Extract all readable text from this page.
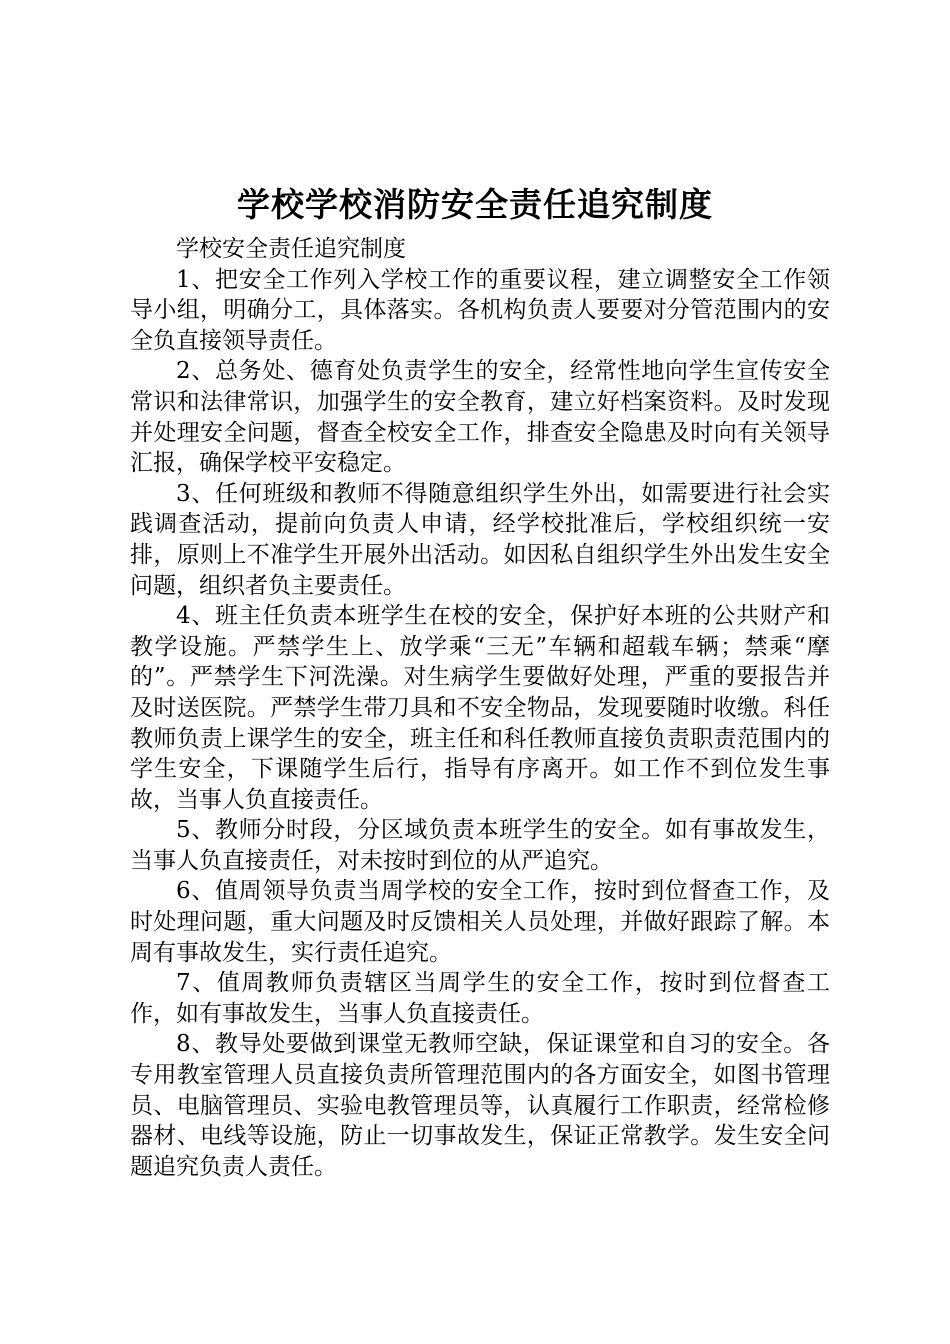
学校学校消防安全责任追究制度

学校安全责任追究制度

1、把安全工作列入学校工作的重要议程，建立调整安全工作领导小组，明确分工，具体落实。各机构负责人要要对分管范围内的安全负直接领导责任。

2、总务处、德育处负责学生的安全，经常性地向学生宣传安全常识和法律常识，加强学生的安全教育，建立好档案资料。及时发现并处理安全问题，督查全校安全工作，排查安全隐患及时向有关领导汇报，确保学校平安稳定。

3、任何班级和教师不得随意组织学生外出，如需要进行社会实践调查活动，提前向负责人申请，经学校批准后，学校组织统一安排，原则上不准学生开展外出活动。如因私自组织学生外出发生安全问题，组织者负主要责任。

4、班主任负责本班学生在校的安全，保护好本班的公共财产和教学设施。严禁学生上、放学乘“三无”车辆和超载车辆；禁乘“摩的”。严禁学生下河洗澡。对生病学生要做好处理，严重的要报告并及时送医院。严禁学生带刀具和不安全物品，发现要随时收缴。科任教师负责上课学生的安全，班主任和科任教师直接负责职责范围内的学生安全，下课随学生后行，指导有序离开。如工作不到位发生事故，当事人负直接责任。

5、教师分时段，分区域负责本班学生的安全。如有事故发生，当事人负直接责任，对未按时到位的从严追究。

6、值周领导负责当周学校的安全工作，按时到位督查工作，及时处理问题，重大问题及时反馈相关人员处理，并做好跟踪了解。本周有事故发生，实行责任追究。

7、值周教师负责辖区当周学生的安全工作，按时到位督查工作，如有事故发生，当事人负直接责任。

8、教导处要做到课堂无教师空缺，保证课堂和自习的安全。各专用教室管理人员直接负责所管理范围内的各方面安全，如图书管理员、电脑管理员、实验电教管理员等，认真履行工作职责，经常检修器材、电线等设施，防止一切事故发生，保证正常教学。发生安全问题追究负责人责任。
